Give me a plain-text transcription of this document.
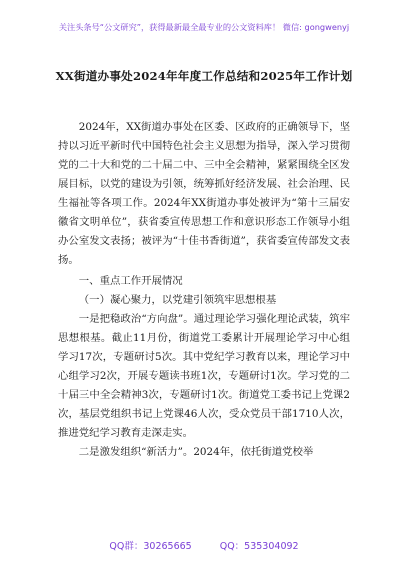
关注头条号“公文研究”，获得最新最全最专业的公文资料库！ 微信: gongwenyj
XX街道办事处2024年年度工作总结和2025年工作计划

2024年，XX街道办事处在区委、区政府的正确领导下，坚持以习近平新时代中国特色社会主义思想为指导，深入学习贯彻党的二十大和党的二十届二中、三中全会精神，紧紧围绕全区发展目标，以党的建设为引领，统筹抓好经济发展、社会治理、民生福祉等各项工作。2024年XX街道办事处被评为“第十三届安徽省文明单位”，获省委宣传思想工作和意识形态工作领导小组办公室发文表扬；被评为“十佳书香街道”，获省委宣传部发文表扬。

一、重点工作开展情况

（一）凝心聚力，以党建引领筑牢思想根基

一是把稳政治“方向盘”。通过理论学习强化理论武装，筑牢思想根基。截止11月份，街道党工委累计开展理论学习中心组学习17次，专题研讨5次。其中党纪学习教育以来，理论学习中心组学习2次，开展专题读书班1次，专题研讨1次。学习党的二十届三中全会精神3次，专题研讨1次。街道党工委书记上党课2次，基层党组织书记上党课46人次，受众党员干部1710人次，推进党纪学习教育走深走实。

二是激发组织“新活力”。2024年，依托街道党校举

QQ群：30265665	QQ：535304092
